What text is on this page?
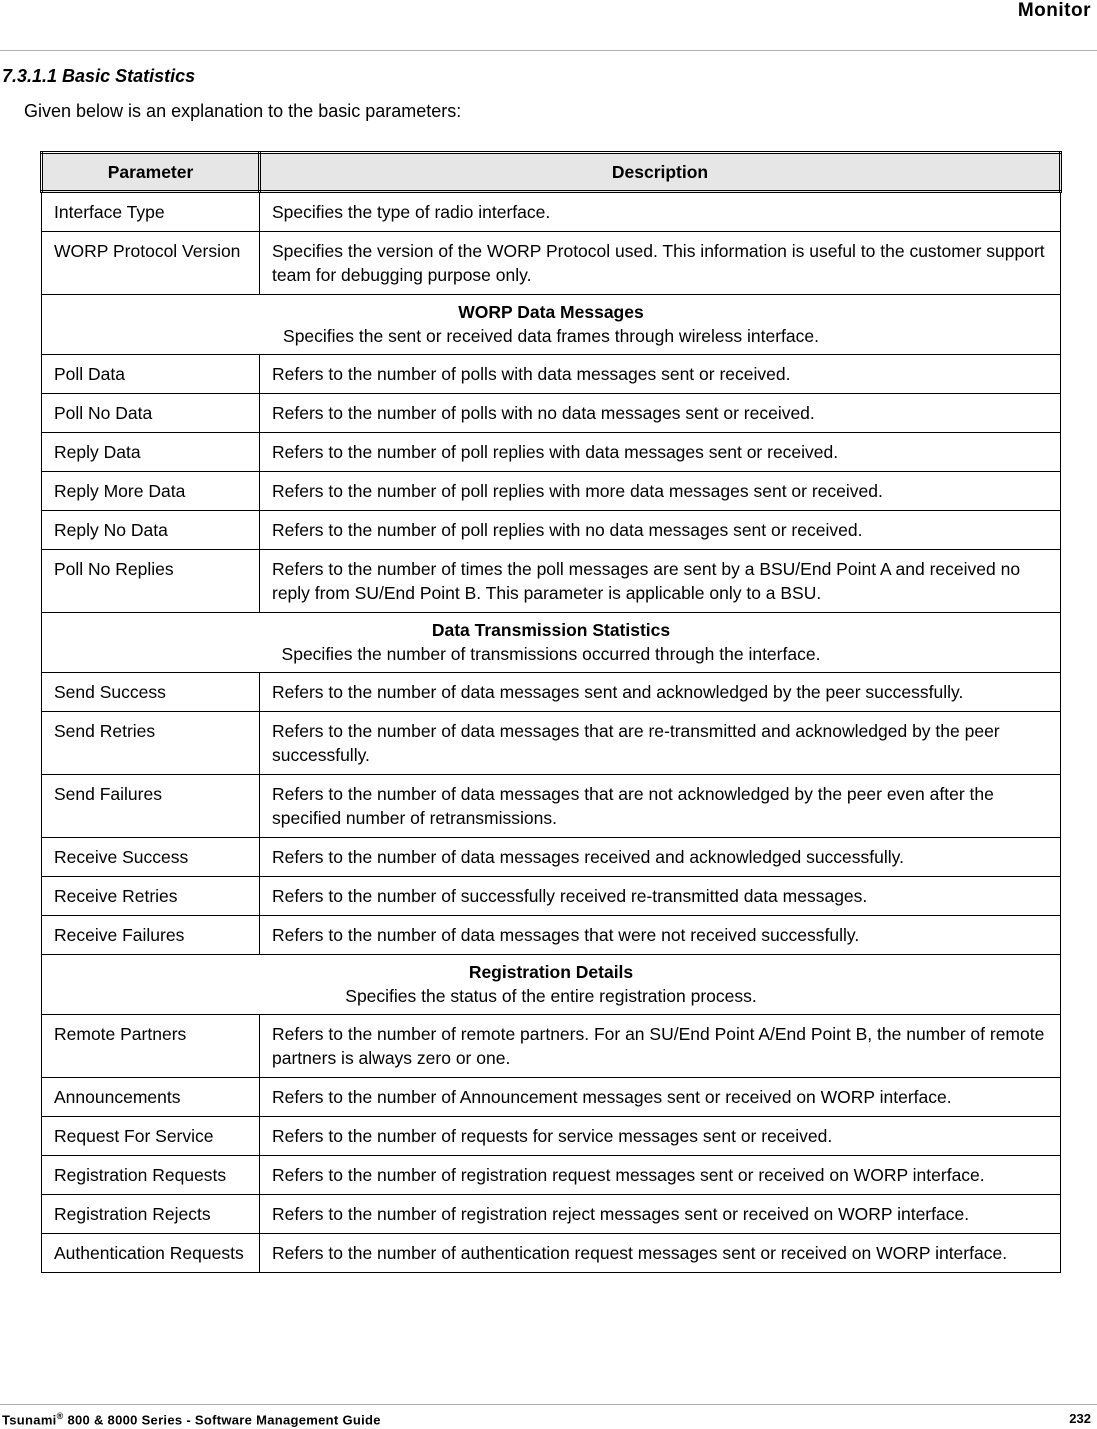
Monitor
7.3.1.1 Basic Statistics
Given below is an explanation to the basic parameters:
Parameter	Description
Interface Type	Specifies the type of radio interface.
WORP Protocol Version	Specifies the version of the WORP Protocol used. This information is useful to the customer support team for debugging purpose only.

WORP Data Messages
Specifies the sent or received data frames through wireless interface.	

Poll Data	Refers to the number of polls with data messages sent or received.
Poll No Data	Refers to the number of polls with no data messages sent or received.
Reply Data	Refers to the number of poll replies with data messages sent or received.
Reply More Data	Refers to the number of poll replies with more data messages sent or received.
Reply No Data	Refers to the number of poll replies with no data messages sent or received.
Poll No Replies	Refers to the number of times the poll messages are sent by a BSU/End Point A and received no reply from SU/End Point B. This parameter is applicable only to a BSU.

Data Transmission Statistics
Specifies the number of transmissions occurred through the interface.	

Send Success	Refers to the number of data messages sent and acknowledged by the peer successfully.
Send Retries	Refers to the number of data messages that are re-transmitted and acknowledged by the peer successfully.
Send Failures	Refers to the number of data messages that are not acknowledged by the peer even after the specified number of retransmissions.
Receive Success	Refers to the number of data messages received and acknowledged successfully.
Receive Retries	Refers to the number of successfully received re-transmitted data messages.
Receive Failures	Refers to the number of data messages that were not received successfully.

Registration Details
Specifies the status of the entire registration process.	

Remote Partners	Refers to the number of remote partners. For an SU/End Point A/End Point B, the number of remote partners is always zero or one.
Announcements	Refers to the number of Announcement messages sent or received on WORP interface.
Request For Service	Refers to the number of requests for service messages sent or received.
Registration Requests	Refers to the number of registration request messages sent or received on WORP interface.
Registration Rejects	Refers to the number of registration reject messages sent or received on WORP interface.
Authentication Requests	Refers to the number of authentication request messages sent or received on WORP interface.
Tsunami® 800 & 8000 Series - Software Management Guide	232
